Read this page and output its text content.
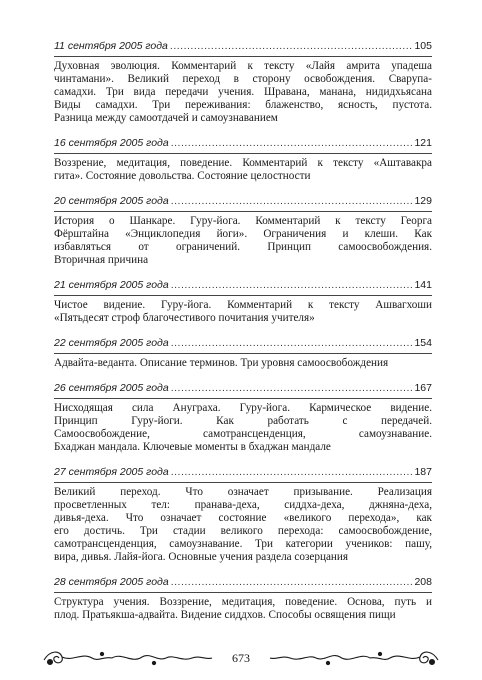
11 сентября 2005 года .....	105

Духовная эволюция. Комментарий к тексту «Лайя амрита упадеша

чинтамани». Великий переход в сторону освобождения. Сварупа-

самадхи. Три вида передачи учения. Шравана, манана, нидидхьясана

Виды самадхи. Три переживания: блаженство, ясность, пустота.

Разница между самоотдачей и самоузнаванием

16 сентября 2005 года .....	121

Воззрение, медитация, поведение. Комментарий к тексту «Аштавакра

гита». Состояние довольства. Состояние целостности

20 сентября 2005 года .....	129

История о Шанкаре. Гуру-йога. Комментарий к тексту Георга

Фёрштайна «Энциклопедия йоги». Ограничения и клеши. Как

избавляться от ограничений. Принцип самоосвобождения.

Вторичная причина

21 сентября 2005 года .....	141

Чистое видение. Гуру-йога. Комментарий к тексту Ашвагхоши

«Пятьдесят строф благочестивого почитания учителя»

22 сентября 2005 года .....	154

Адвайта-веданта. Описание терминов. Три уровня самоосвобождения

26 сентября 2005 года .....	167

Нисходящая сила Ануграха. Гуру-йога. Кармическое видение.

Принцип Гуру-йоги. Как работать с передачей.

Самоосвобождение, самотрансценденция, самоузнавание.

Бхаджан мандала. Ключевые моменты в бхаджан мандале

27 сентября 2005 года .....	187

Великий переход. Что означает призывание. Реализация

просветленных тел: пранава-деха, сиддха-деха, джняна-деха,

дивья-деха. Что означает состояние «великого перехода», как

его достичь. Три стадии великого перехода: самоосвобождение,

самотрансценденция, самоузнавание. Три категории учеников: пашу,

вира, дивья. Лайя-йога. Основные учения раздела созерцания

28 сентября 2005 года .....	208

Структура учения. Воззрение, медитация, поведение. Основа, путь и

плод. Пратьякша-адвайта. Видение сиддхов. Способы освящения пищи

673
